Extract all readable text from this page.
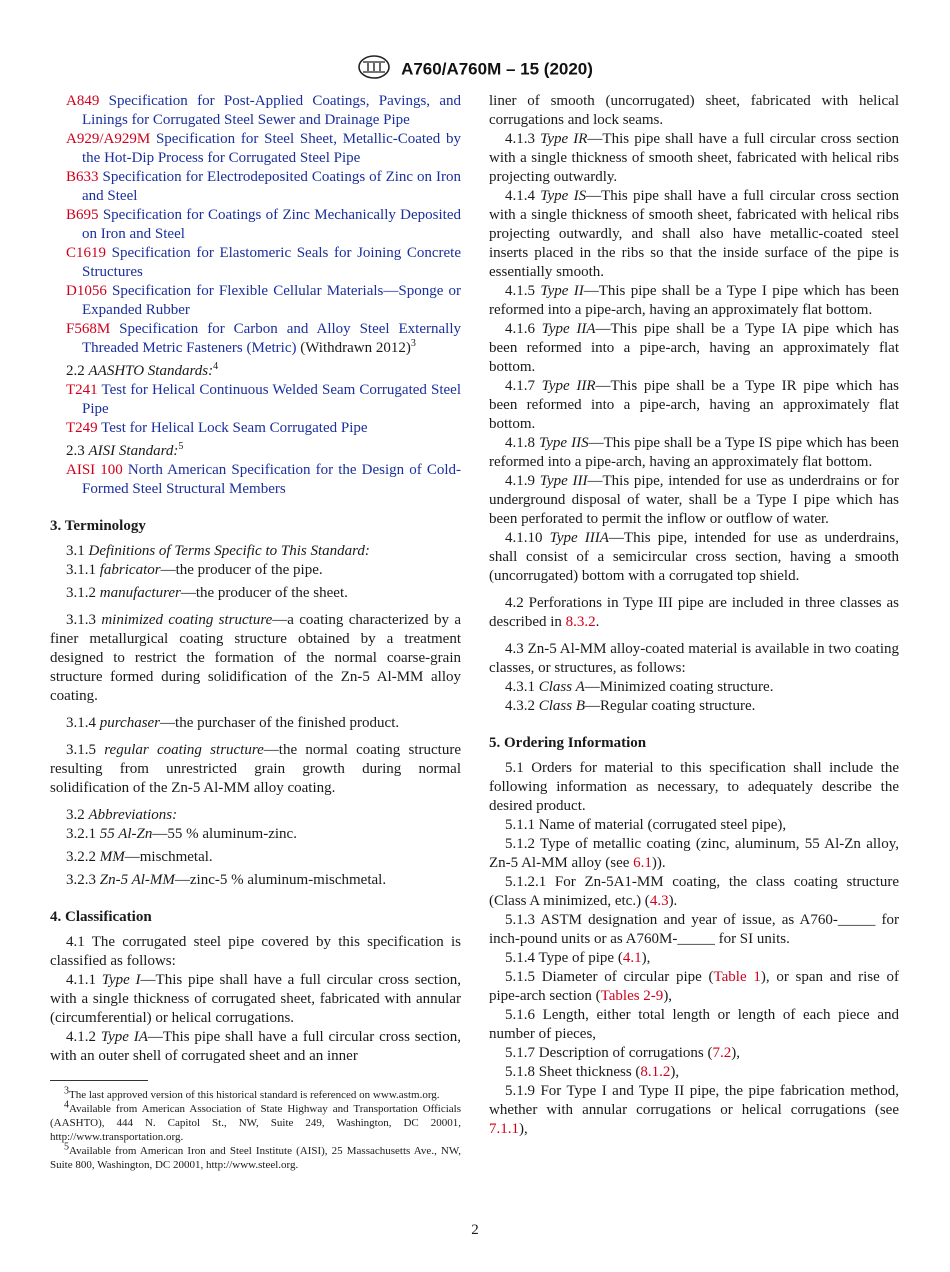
A760/A760M – 15 (2020)

A849 Specification for Post-Applied Coatings, Pavings, and Linings for Corrugated Steel Sewer and Drainage Pipe

A929/A929M Specification for Steel Sheet, Metallic-Coated by the Hot-Dip Process for Corrugated Steel Pipe

B633 Specification for Electrodeposited Coatings of Zinc on Iron and Steel

B695 Specification for Coatings of Zinc Mechanically Deposited on Iron and Steel

C1619 Specification for Elastomeric Seals for Joining Concrete Structures

D1056 Specification for Flexible Cellular Materials—Sponge or Expanded Rubber

F568M Specification for Carbon and Alloy Steel Externally Threaded Metric Fasteners (Metric) (Withdrawn 2012)$^3$

2.2 AASHTO Standards:$^4$

T241 Test for Helical Continuous Welded Seam Corrugated Steel Pipe

T249 Test for Helical Lock Seam Corrugated Pipe

2.3 AISI Standard:$^5$

AISI 100 North American Specification for the Design of Cold-Formed Steel Structural Members

3. Terminology

3.1 Definitions of Terms Specific to This Standard:

3.1.1 fabricator—the producer of the pipe.

3.1.2 manufacturer—the producer of the sheet.

3.1.3 minimized coating structure—a coating characterized by a finer metallurgical coating structure obtained by a treatment designed to restrict the formation of the normal coarse-grain structure formed during solidification of the Zn-5 Al-MM alloy coating.

3.1.4 purchaser—the purchaser of the finished product.

3.1.5 regular coating structure—the normal coating structure resulting from unrestricted grain growth during normal solidification of the Zn-5 Al-MM alloy coating.

3.2 Abbreviations:

3.2.1 55 Al-Zn—55 % aluminum-zinc.

3.2.2 MM—mischmetal.

3.2.3 Zn-5 Al-MM—zinc-5 % aluminum-mischmetal.

4. Classification

4.1 The corrugated steel pipe covered by this specification is classified as follows:

4.1.1 Type I—This pipe shall have a full circular cross section, with a single thickness of corrugated sheet, fabricated with annular (circumferential) or helical corrugations.

4.1.2 Type IA—This pipe shall have a full circular cross section, with an outer shell of corrugated sheet and an inner

liner of smooth (uncorrugated) sheet, fabricated with helical corrugations and lock seams.

4.1.3 Type IR—This pipe shall have a full circular cross section with a single thickness of smooth sheet, fabricated with helical ribs projecting outwardly.

4.1.4 Type IS—This pipe shall have a full circular cross section with a single thickness of smooth sheet, fabricated with helical ribs projecting outwardly, and shall also have metallic-coated steel inserts placed in the ribs so that the inside surface of the pipe is essentially smooth.

4.1.5 Type II—This pipe shall be a Type I pipe which has been reformed into a pipe-arch, having an approximately flat bottom.

4.1.6 Type IIA—This pipe shall be a Type IA pipe which has been reformed into a pipe-arch, having an approximately flat bottom.

4.1.7 Type IIR—This pipe shall be a Type IR pipe which has been reformed into a pipe-arch, having an approximately flat bottom.

4.1.8 Type IIS—This pipe shall be a Type IS pipe which has been reformed into a pipe-arch, having an approximately flat bottom.

4.1.9 Type III—This pipe, intended for use as underdrains or for underground disposal of water, shall be a Type I pipe which has been perforated to permit the inflow or outflow of water.

4.1.10 Type IIIA—This pipe, intended for use as underdrains, shall consist of a semicircular cross section, having a smooth (uncorrugated) bottom with a corrugated top shield.

4.2 Perforations in Type III pipe are included in three classes as described in 8.3.2.

4.3 Zn-5 Al-MM alloy-coated material is available in two coating classes, or structures, as follows:

4.3.1 Class A—Minimized coating structure.

4.3.2 Class B—Regular coating structure.

5. Ordering Information

5.1 Orders for material to this specification shall include the following information as necessary, to adequately describe the desired product.

5.1.1 Name of material (corrugated steel pipe),

5.1.2 Type of metallic coating (zinc, aluminum, 55 Al-Zn alloy, Zn-5 Al-MM alloy (see 6.1)).

5.1.2.1 For Zn-5A1-MM coating, the class coating structure (Class A minimized, etc.) (4.3).

5.1.3 ASTM designation and year of issue, as A760-_____ for inch-pound units or as A760M-_____ for SI units.

5.1.4 Type of pipe (4.1),

5.1.5 Diameter of circular pipe (Table 1), or span and rise of pipe-arch section (Tables 2-9),

5.1.6 Length, either total length or length of each piece and number of pieces,

5.1.7 Description of corrugations (7.2),

5.1.8 Sheet thickness (8.1.2),

5.1.9 For Type I and Type II pipe, the pipe fabrication method, whether with annular corrugations or helical corrugations (see 7.1.1),

$^3$The last approved version of this historical standard is referenced on www.astm.org.

$^4$Available from American Association of State Highway and Transportation Officials (AASHTO), 444 N. Capitol St., NW, Suite 249, Washington, DC 20001, http://www.transportation.org.

$^5$Available from American Iron and Steel Institute (AISI), 25 Massachusetts Ave., NW, Suite 800, Washington, DC 20001, http://www.steel.org.

2
